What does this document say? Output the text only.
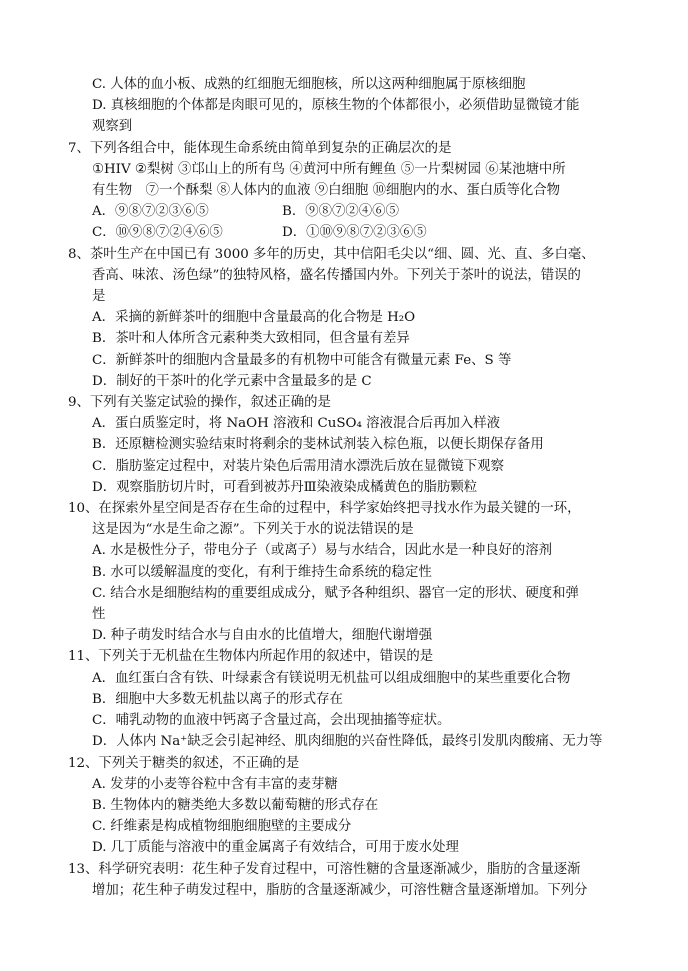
C. 人体的血小板、成熟的红细胞无细胞核，所以这两种细胞属于原核细胞
D. 真核细胞的个体都是肉眼可见的，原核生物的个体都很小，必须借助显微镜才能
观察到
7、下列各组合中，能体现生命系统由简单到复杂的正确层次的是
①HIV ②梨树 ③邙山上的所有鸟 ④黄河中所有鲤鱼 ⑤一片梨树园 ⑥某池塘中所
有生物　⑦一个酥梨 ⑧人体内的血液 ⑨白细胞 ⑩细胞内的水、蛋白质等化合物
A．⑨⑧⑦②③⑥⑤	B．⑨⑧⑦②④⑥⑤
C．⑩⑨⑧⑦②④⑥⑤	D．①⑩⑨⑧⑦②③⑥⑤
8、茶叶生产在中国已有 3000 多年的历史，其中信阳毛尖以“细、圆、光、直、多白毫、
香高、味浓、汤色绿”的独特风格，盛名传播国内外。下列关于茶叶的说法，错误的
是
A．采摘的新鲜茶叶的细胞中含量最高的化合物是 H₂O
B．茶叶和人体所含元素种类大致相同，但含量有差异
C．新鲜茶叶的细胞内含量最多的有机物中可能含有微量元素 Fe、S 等
D．制好的干茶叶的化学元素中含量最多的是 C
9、下列有关鉴定试验的操作，叙述正确的是
A．蛋白质鉴定时，将 NaOH 溶液和 CuSO₄ 溶液混合后再加入样液
B．还原糖检测实验结束时将剩余的斐林试剂装入棕色瓶，以便长期保存备用
C．脂肪鉴定过程中，对装片染色后需用清水漂洗后放在显微镜下观察
D．观察脂肪切片时，可看到被苏丹Ⅲ染液染成橘黄色的脂肪颗粒
10、在探索外星空间是否存在生命的过程中，科学家始终把寻找水作为最关键的一环，
这是因为“水是生命之源”。下列关于水的说法错误的是
A. 水是极性分子，带电分子（或离子）易与水结合，因此水是一种良好的溶剂
B. 水可以缓解温度的变化，有利于维持生命系统的稳定性
C. 结合水是细胞结构的重要组成成分，赋予各种组织、器官一定的形状、硬度和弹
性
D. 种子萌发时结合水与自由水的比值增大，细胞代谢增强
11、下列关于无机盐在生物体内所起作用的叙述中，错误的是
A．血红蛋白含有铁、叶绿素含有镁说明无机盐可以组成细胞中的某些重要化合物
B．细胞中大多数无机盐以离子的形式存在
C．哺乳动物的血液中钙离子含量过高，会出现抽搐等症状。
D．人体内 Na⁺缺乏会引起神经、肌肉细胞的兴奋性降低，最终引发肌肉酸痛、无力等
12、下列关于糖类的叙述，不正确的是
A. 发芽的小麦等谷粒中含有丰富的麦芽糖
B. 生物体内的糖类绝大多数以葡萄糖的形式存在
C. 纤维素是构成植物细胞细胞壁的主要成分
D. 几丁质能与溶液中的重金属离子有效结合，可用于废水处理
13、科学研究表明：花生种子发育过程中，可溶性糖的含量逐渐减少，脂肪的含量逐渐
增加；花生种子萌发过程中，脂肪的含量逐渐减少，可溶性糖含量逐渐增加。下列分
